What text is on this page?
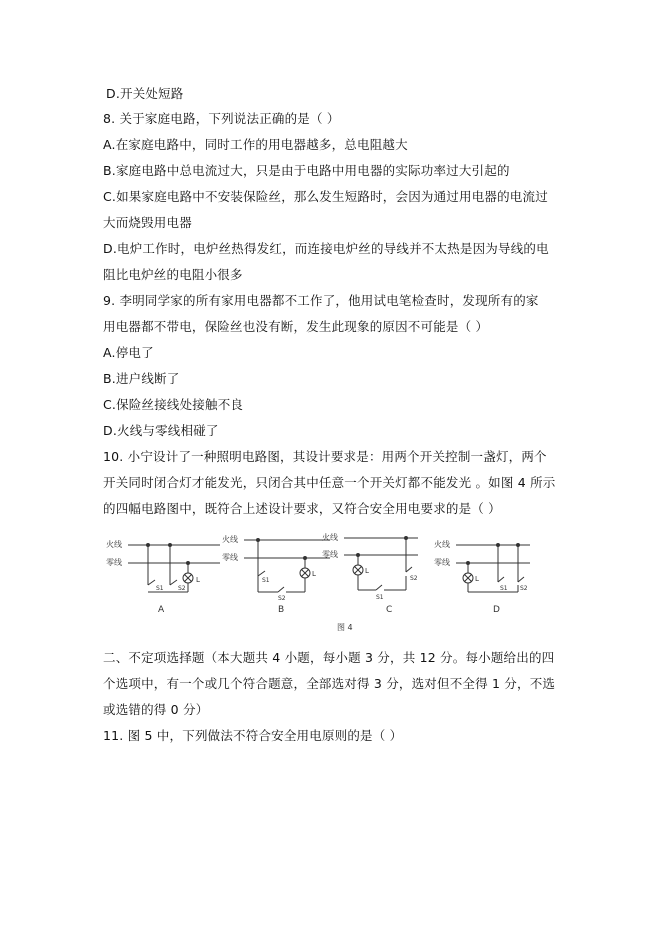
D.开关处短路
8. 关于家庭电路，下列说法正确的是（ ）
A.在家庭电路中，同时工作的用电器越多，总电阻越大
B.家庭电路中总电流过大，只是由于电路中用电器的实际功率过大引起的
C.如果家庭电路中不安装保险丝，那么发生短路时，会因为通过用电器的电流过
大而烧毁用电器
D.电炉工作时，电炉丝热得发红，而连接电炉丝的导线并不太热是因为导线的电
阻比电炉丝的电阻小很多
9. 李明同学家的所有家用电器都不工作了，他用试电笔检查时，发现所有的家
用电器都不带电，保险丝也没有断，发生此现象的原因不可能是（ ）
A.停电了
B.进户线断了
C.保险丝接线处接触不良
D.火线与零线相碰了
10. 小宁设计了一种照明电路图，其设计要求是：用两个开关控制一盏灯，两个
开关同时闭合灯才能发光，只闭合其中任意一个开关灯都不能发光 。如图 4 所示
的四幅电路图中，既符合上述设计要求，又符合安全用电要求的是（ ）
火线
零线
S1 S2
L
A
火线
零线
S1
S2
L
B
火线
零线
L
S1
S2
C
火线
零线
L
S1 S2
D
图 4
二、不定项选择题（本大题共 4 小题，每小题 3 分，共 12 分。每小题给出的四
个选项中，有一个或几个符合题意，全部选对得 3 分，选对但不全得 1 分，不选
或选错的得 0 分）
11. 图 5 中，下列做法不符合安全用电原则的是（ ）
